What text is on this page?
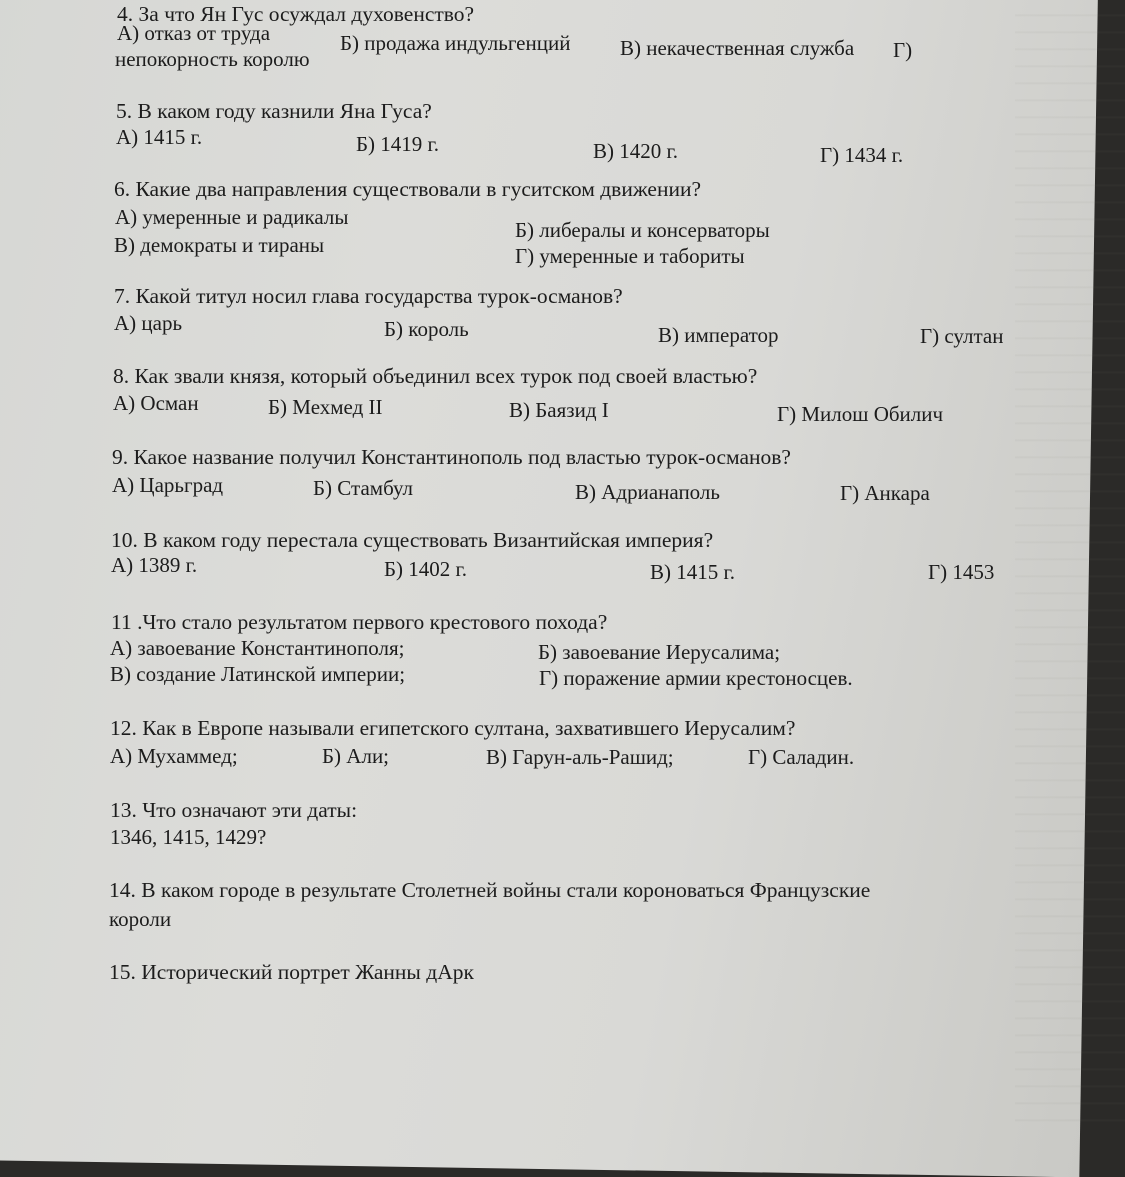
4. За что Ян Гус осуждал духовенство?
А) отказ от труда	Б) продажа индульгенций В) некачественная служба Г)
непокорность королю
5. В каком году казнили Яна Гуса?
А) 1415 г.	Б) 1419 г.	В) 1420 г.	Г) 1434 г.
6. Какие два направления существовали в гуситском движении?
А) умеренные и радикалы
Б) либералы и консерваторы
В) демократы и тираны	Г) умеренные и табориты
7. Какой титул носил глава государства турок-османов?
А) царь	Б) король	В) император	Г) султан
8. Как звали князя, который объединил всех турок под своей властью?
А) Осман	Б) Мехмед II	В) Баязид I	Г) Милош Обилич
9. Какое название получил Константинополь под властью турок-османов?
А) Царьград	Б) Стамбул	В) Адрианаполь	Г) Анкара
10. В каком году перестала существовать Византийская империя?
А) 1389 г.	Б) 1402 г.	В) 1415 г.	Г) 1453
11 .Что стало результатом первого крестового похода?
А) завоевание Константинополя;	Б) завоевание Иерусалима;
В) создание Латинской империи;	Г) поражение армии крестоносцев.
12. Как в Европе называли египетского султана, захватившего Иерусалим?
А) Мухаммед;	Б) Али;	В) Гарун-аль-Рашид;	Г) Саладин.
13. Что означают эти даты:
1346, 1415, 1429?
14. В каком городе в результате Столетней войны стали короноваться Французские
короли
15. Исторический портрет Жанны дАрк
